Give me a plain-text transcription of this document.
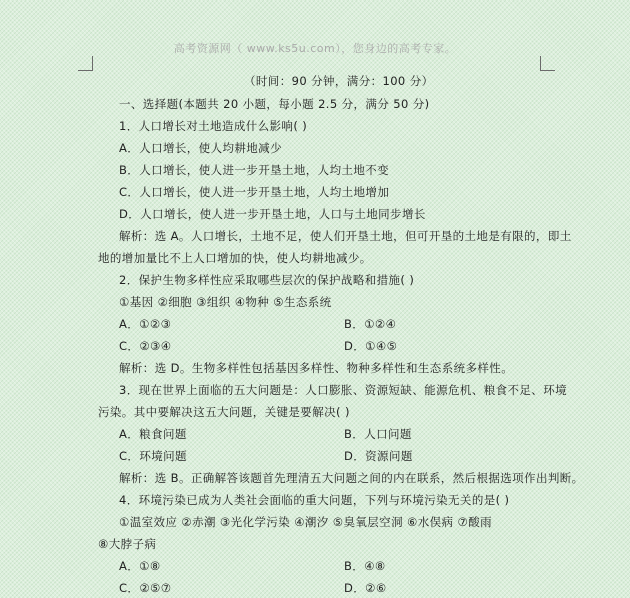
高考资源网（ www.ks5u.com），您身边的高考专家。
（时间：90 分钟，满分：100 分）
一、选择题(本题共 20 小题，每小题 2.5 分，满分 50 分)
1．人口增长对土地造成什么影响( )
A．人口增长，使人均耕地减少
B．人口增长，使人进一步开垦土地，人均土地不变
C．人口增长，使人进一步开垦土地，人均土地增加
D．人口增长，使人进一步开垦土地，人口与土地同步增长
解析：选 A。人口增长，土地不足，使人们开垦土地，但可开垦的土地是有限的，即土
地的增加量比不上人口增加的快，使人均耕地减少。
2．保护生物多样性应采取哪些层次的保护战略和措施( )
①基因 ②细胞 ③组织 ④物种 ⑤生态系统
A．①②③	B．①②④
C．②③④	D．①④⑤
解析：选 D。生物多样性包括基因多样性、物种多样性和生态系统多样性。
3．现在世界上面临的五大问题是：人口膨胀、资源短缺、能源危机、粮食不足、环境
污染。其中要解决这五大问题，关键是要解决( )
A．粮食问题	B．人口问题
C．环境问题	D．资源问题
解析：选 B。正确解答该题首先理清五大问题之间的内在联系，然后根据选项作出判断。
4．环境污染已成为人类社会面临的重大问题，下列与环境污染无关的是( )
①温室效应 ②赤潮 ③光化学污染 ④潮汐 ⑤臭氧层空洞 ⑥水俣病 ⑦酸雨
⑧大脖子病
A．①⑧	B．④⑧
C．②⑤⑦	D．②⑥
